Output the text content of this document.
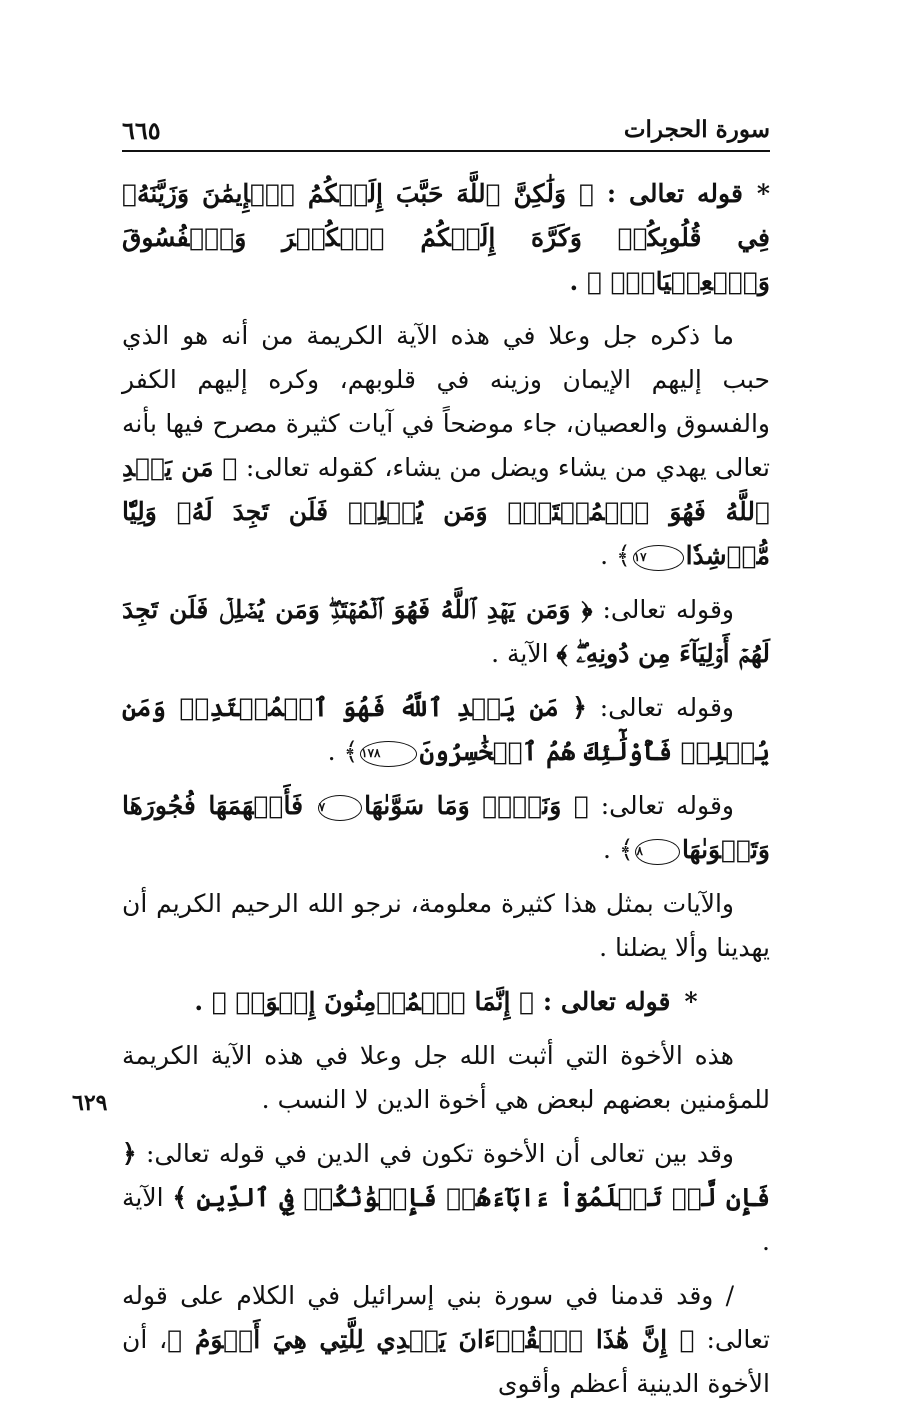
سورة الحجرات
٦٦٥

*قوله تعالى : ﴿ وَلَٰكِنَّ ٱللَّهَ حَبَّبَ إِلَيۡكُمُ ٱلۡإِيمَٰنَ وَزَيَّنَهُۥ فِي قُلُوبِكُمۡ وَكَرَّهَ إِلَيۡكُمُ ٱلۡكُفۡرَ وَٱلۡفُسُوقَ وَٱلۡعِصۡيَانَۚ ﴾ .

ما ذكره جل وعلا في هذه الآية الكريمة من أنه هو الذي حبب إليهم الإيمان وزينه في قلوبهم، وكره إليهم الكفر والفسوق والعصيان، جاء موضحاً في آيات كثيرة مصرح فيها بأنه تعالى يهدي من يشاء ويضل من يشاء، كقوله تعالى: ﴿ مَن يَهۡدِ ٱللَّهُ فَهُوَ ٱلۡمُهۡتَدِۖ وَمَن يُضۡلِلۡ فَلَن تَجِدَ لَهُۥ وَلِيّٗا مُّرۡشِدٗا١٧﴾ .

وقوله تعالى: ﴿ وَمَن يَهۡدِ ٱللَّهُ فَهُوَ ٱلۡمُهۡتَدِۖ وَمَن يُضۡلِلۡ فَلَن تَجِدَ لَهُمۡ أَوۡلِيَآءَ مِن دُونِهِۦۖ ﴾ الآية .

وقوله تعالى: ﴿ مَن يَهۡدِ ٱللَّهُ فَهُوَ ٱلۡمُهۡتَدِيۖ وَمَن يُضۡلِلۡ فَأُوْلَٰٓئِكَ هُمُ ٱلۡخَٰسِرُونَ١٧٨﴾ .

وقوله تعالى: ﴿ وَنَفۡسٖ وَمَا سَوَّىٰهَا٧ فَأَلۡهَمَهَا فُجُورَهَا وَتَقۡوَىٰهَا٨﴾ .

والآيات بمثل هذا كثيرة معلومة، نرجو الله الرحيم الكريم أن يهدينا وألا يضلنا .

*قوله تعالى : ﴿ إِنَّمَا ٱلۡمُؤۡمِنُونَ إِخۡوَةٞ ﴾ .

هذه الأخوة التي أثبت الله جل وعلا في هذه الآية الكريمة للمؤمنين بعضهم لبعض هي أخوة الدين لا النسب .

وقد بين تعالى أن الأخوة تكون في الدين في قوله تعالى: ﴿ فَإِن لَّمۡ تَعۡلَمُوٓاْ ءَابَآءَهُمۡ فَإِخۡوَٰنُكُمۡ فِي ٱلدِّينِ ﴾ الآية .

/ وقد قدمنا في سورة بني إسرائيل في الكلام على قوله تعالى: ﴿ إِنَّ هَٰذَا ٱلۡقُرۡءَانَ يَهۡدِي لِلَّتِي هِيَ أَقۡوَمُ ﴾، أن الأخوة الدينية أعظم وأقوى

٦٢٩
